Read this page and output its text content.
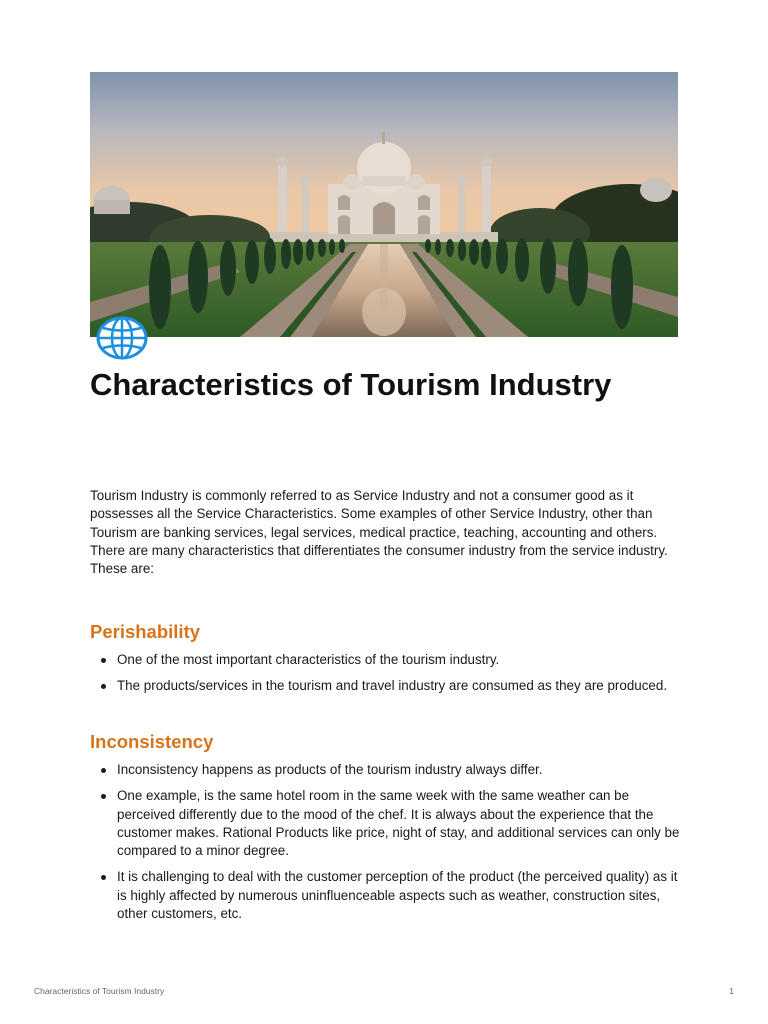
Characteristics of Tourism Industry

Tourism Industry is commonly referred to as Service Industry and not a consumer good as it possesses all the Service Characteristics. Some examples of other Service Industry, other than Tourism are banking services, legal services, medical practice, teaching, accounting and others. There are many characteristics that differentiates the consumer industry from the service industry. These are:

Perishability
One of the most important characteristics of the tourism industry.
The products/services in the tourism and travel industry are consumed as they are produced.
Inconsistency
Inconsistency happens as products of the tourism industry always differ.
One example, is the same hotel room in the same week with the same weather can be perceived differently due to the mood of the chef. It is always about the experience that the customer makes. Rational Products like price, night of stay, and additional services can only be compared to a minor degree.
It is challenging to deal with the customer perception of the product (the perceived quality) as it is highly affected by numerous uninfluenceable aspects such as weather, construction sites, other customers, etc.
Characteristics of Tourism Industry	1
